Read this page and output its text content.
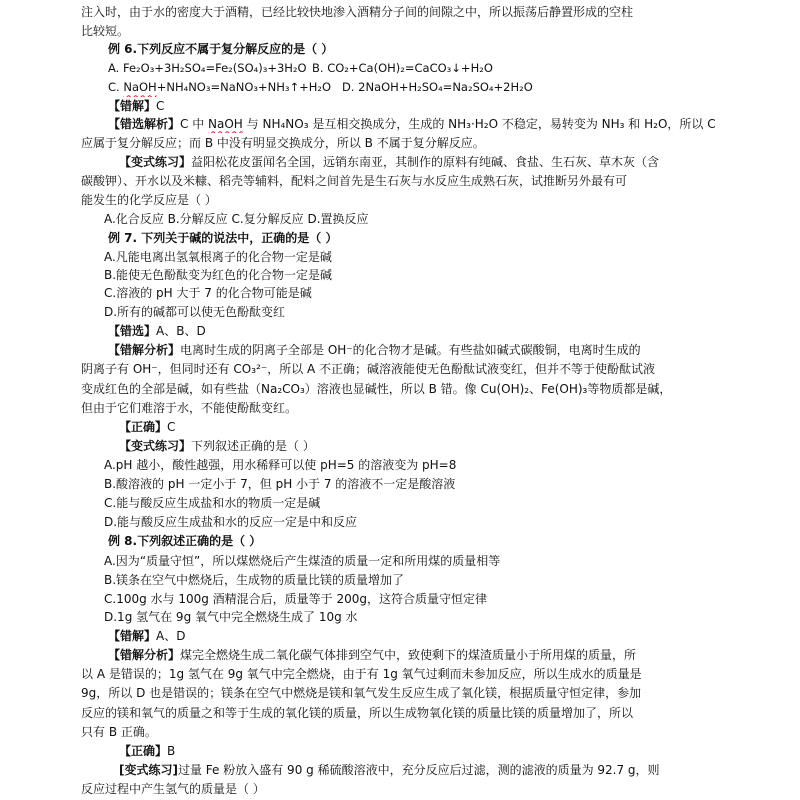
注入时，由于水的密度大于酒精，已经比较快地渗入酒精分子间的间隙之中，所以振荡后静置形成的空柱
比较短。
例 6.下列反应不属于复分解反应的是（ ）
A. Fe₂O₃+3H₂SO₄=Fe₂(SO₄)₃+3H₂O B. CO₂+Ca(OH)₂=CaCO₃↓+H₂O
C. NaOH+NH₄NO₃=NaNO₃+NH₃↑+H₂O D. 2NaOH+H₂SO₄=Na₂SO₄+2H₂O
【错解】C
【错选解析】C 中 NaOH 与 NH₄NO₃ 是互相交换成分，生成的 NH₃·H₂O 不稳定，易转变为 NH₃ 和 H₂O，所以 C
应属于复分解反应；而 B 中没有明显交换成分，所以 B 不属于复分解反应。
【变式练习】益阳松花皮蛋闻名全国，远销东南亚，其制作的原料有纯碱、食盐、生石灰、草木灰（含
碳酸钾）、开水以及米糠、稻壳等辅料，配料之间首先是生石灰与水反应生成熟石灰，试推断另外最有可
能发生的化学反应是（ ）
A.化合反应 B.分解反应 C.复分解反应 D.置换反应
例 7. 下列关于碱的说法中，正确的是（ ）
A.凡能电离出氢氧根离子的化合物一定是碱
B.能使无色酚酞变为红色的化合物一定是碱
C.溶液的 pH 大于 7 的化合物可能是碱
D.所有的碱都可以使无色酚酞变红
【错选】A、B、D
【错解分析】电离时生成的阴离子全部是 OH⁻的化合物才是碱。有些盐如碱式碳酸铜，电离时生成的
阴离子有 OH⁻，但同时还有 CO₃²⁻，所以 A 不正确；碱溶液能使无色酚酞试液变红，但并不等于使酚酞试液
变成红色的全部是碱，如有些盐（Na₂CO₃）溶液也显碱性，所以 B 错。像 Cu(OH)₂、Fe(OH)₃等物质都是碱，
但由于它们难溶于水，不能使酚酞变红。
【正确】C
【变式练习】下列叙述正确的是（ ）
A.pH 越小，酸性越强，用水稀释可以使 pH=5 的溶液变为 pH=8
B.酸溶液的 pH 一定小于 7，但 pH 小于 7 的溶液不一定是酸溶液
C.能与酸反应生成盐和水的物质一定是碱
D.能与酸反应生成盐和水的反应一定是中和反应
例 8.下列叙述正确的是（ ）
A.因为“质量守恒”，所以煤燃烧后产生煤渣的质量一定和所用煤的质量相等
B.镁条在空气中燃烧后，生成物的质量比镁的质量增加了
C.100g 水与 100g 酒精混合后，质量等于 200g，这符合质量守恒定律
D.1g 氢气在 9g 氧气中完全燃烧生成了 10g 水
【错解】A、D
【错解分析】煤完全燃烧生成二氧化碳气体排到空气中，致使剩下的煤渣质量小于所用煤的质量，所
以 A 是错误的；1g 氢气在 9g 氧气中完全燃烧，由于有 1g 氧气过剩而未参加反应，所以生成水的质量是
9g，所以 D 也是错误的；镁条在空气中燃烧是镁和氧气发生反应生成了氧化镁，根据质量守恒定律，参加
反应的镁和氧气的质量之和等于生成的氧化镁的质量，所以生成物氧化镁的质量比镁的质量增加了，所以
只有 B 正确。
【正确】B
[变式练习]过量 Fe 粉放入盛有 90 g 稀硫酸溶液中，充分反应后过滤，测的滤液的质量为 92.7 g，则
反应过程中产生氢气的质量是（ ）
